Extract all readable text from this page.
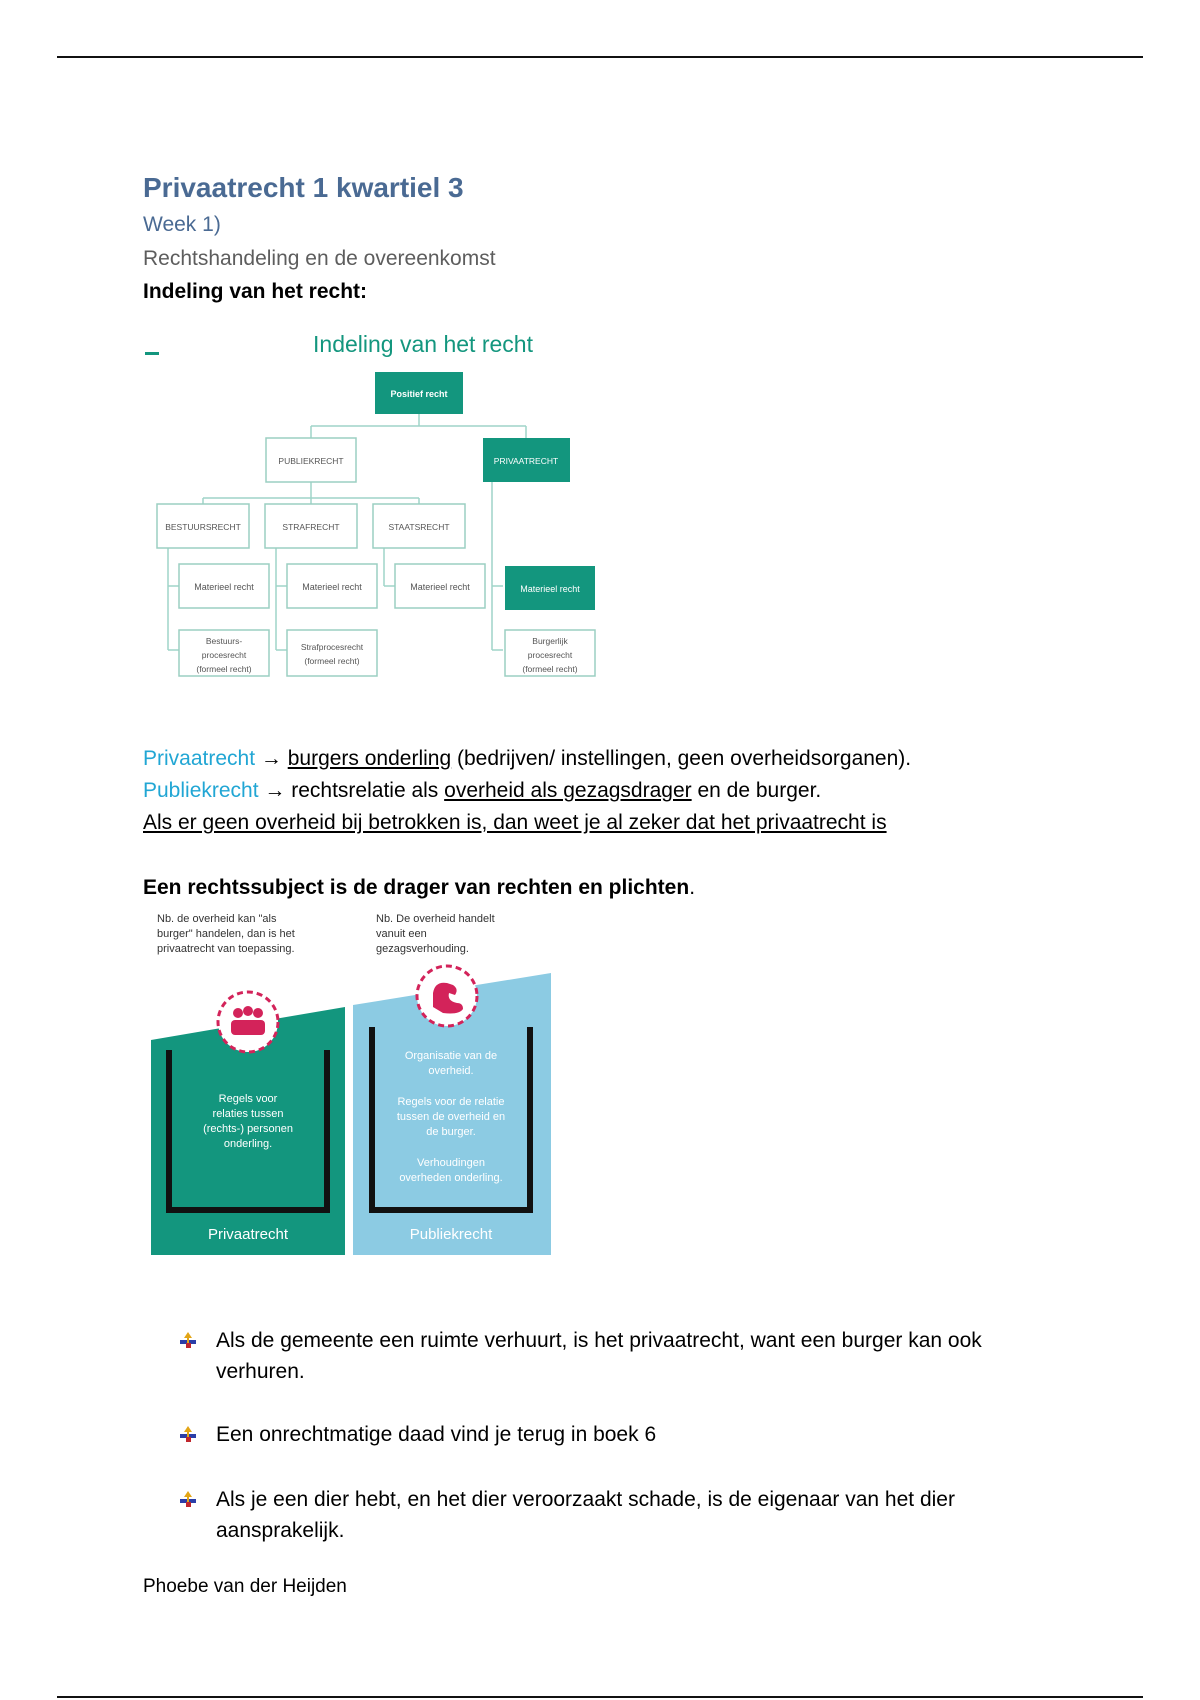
Privaatrecht 1 kwartiel 3

Week 1)

Rechtshandeling en de overeenkomst

Indeling van het recht:

Indeling van het recht
Positief recht
PUBLIEKRECHT	PRIVAATRECHT
BESTUURSRECHT	STRAFRECHT	STAATSRECHT
Materieel recht	Materieel recht	Materieel recht	Materieel recht
Bestuurs-
procesrecht
(formeel recht)
Strafprocesrecht
(formeel recht)
Burgerlijk
procesrecht
(formeel recht)
Privaatrecht → burgers onderling (bedrijven/ instellingen, geen overheidsorganen).
Publiekrecht → rechtsrelatie als overheid als gezagsdrager en de burger.
Als er geen overheid bij betrokken is, dan weet je al zeker dat het privaatrecht is
Een rechtssubject is de drager van rechten en plichten.
Nb. de overheid kan "als
burger" handelen, dan is het
privaatrecht van toepassing.
Nb. De overheid handelt
vanuit een
gezagsverhouding.
Regels voor
relaties tussen
(rechts-) personen
onderling.
Organisatie van de
overheid.
Regels voor de relatie
tussen de overheid en
de burger.
Verhoudingen
overheden onderling.
Privaatrecht	Publiekrecht
Als de gemeente een ruimte verhuurt, is het privaatrecht, want een burger kan ook verhuren.
Een onrechtmatige daad vind je terug in boek 6
Als je een dier hebt, en het dier veroorzaakt schade, is de eigenaar van het dier aansprakelijk.
Phoebe van der Heijden
